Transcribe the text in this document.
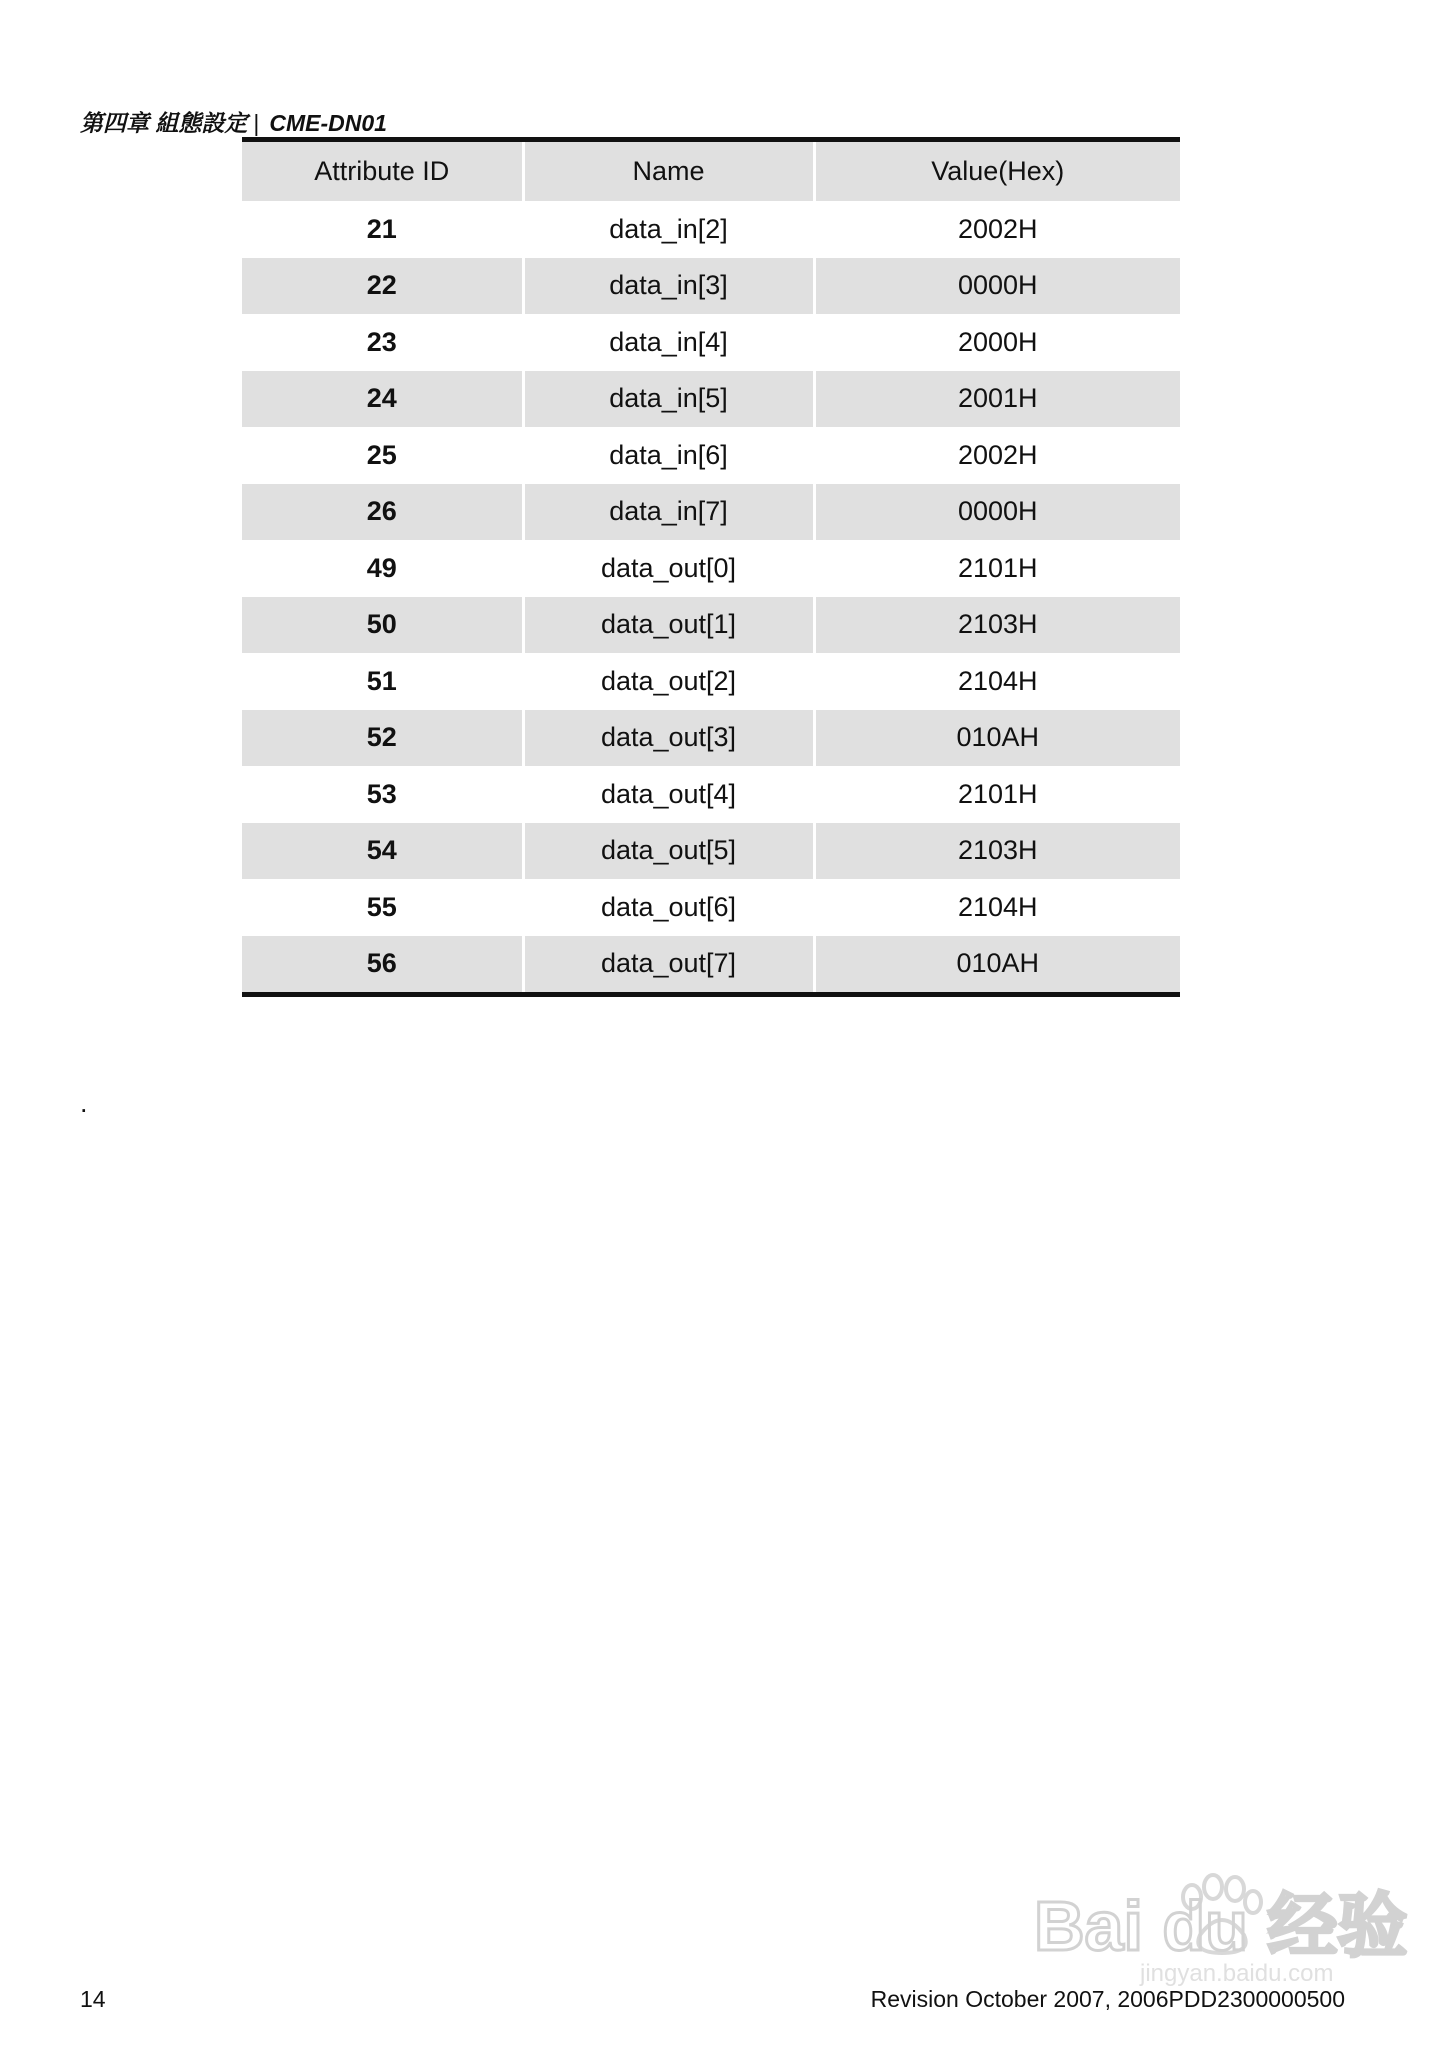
第四章 組態設定 | CME-DN01
Attribute ID	Name	Value(Hex)
21	data_in[2]	2002H
22	data_in[3]	0000H
23	data_in[4]	2000H
24	data_in[5]	2001H
25	data_in[6]	2002H
26	data_in[7]	0000H
49	data_out[0]	2101H
50	data_out[1]	2103H
51	data_out[2]	2104H
52	data_out[3]	010AH
53	data_out[4]	2101H
54	data_out[5]	2103H
55	data_out[6]	2104H
56	data_out[7]	010AH
.
Bai du 经验
jingyan.baidu.com
14	Revision October 2007, 2006PDD2300000500
